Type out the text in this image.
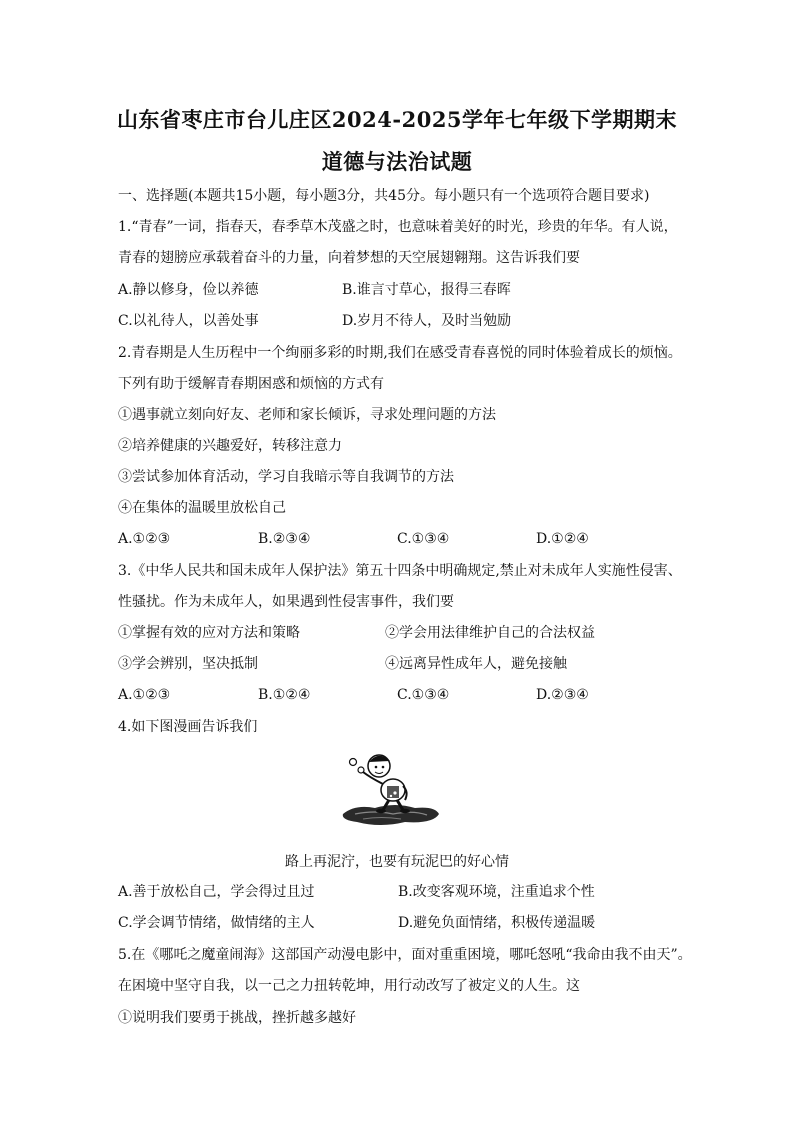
山东省枣庄市台儿庄区2024-2025学年七年级下学期期末
道德与法治试题
一、选择题(本题共15小题，每小题3分，共45分。每小题只有一个选项符合题目要求)
1.“青春”一词，指春天，春季草木茂盛之时，也意味着美好的时光，珍贵的年华。有人说，
青春的翅膀应承载着奋斗的力量，向着梦想的天空展翅翱翔。这告诉我们要
A.静以修身，俭以养德	B.谁言寸草心，报得三春晖
C.以礼待人，以善处事	D.岁月不待人，及时当勉励
2.青春期是人生历程中一个绚丽多彩的时期,我们在感受青春喜悦的同时体验着成长的烦恼。
下列有助于缓解青春期困惑和烦恼的方式有
①遇事就立刻向好友、老师和家长倾诉，寻求处理问题的方法
②培养健康的兴趣爱好，转移注意力
③尝试参加体育活动，学习自我暗示等自我调节的方法
④在集体的温暖里放松自己
A.①②③	B.②③④	C.①③④	D.①②④
3.《中华人民共和国未成年人保护法》第五十四条中明确规定,禁止对未成年人实施性侵害、
性骚扰。作为未成年人，如果遇到性侵害事件，我们要
①掌握有效的应对方法和策略	②学会用法律维护自己的合法权益
③学会辨别，坚决抵制	④远离异性成年人，避免接触
A.①②③	B.①②④	C.①③④	D.②③④
4.如下图漫画告诉我们
路上再泥泞，也要有玩泥巴的好心情
A.善于放松自己，学会得过且过	B.改变客观环境，注重追求个性
C.学会调节情绪，做情绪的主人	D.避免负面情绪，积极传递温暖
5.在《哪吒之魔童闹海》这部国产动漫电影中，面对重重困境，哪吒怒吼“我命由我不由天”。
在困境中坚守自我，以一己之力扭转乾坤，用行动改写了被定义的人生。这
①说明我们要勇于挑战，挫折越多越好
